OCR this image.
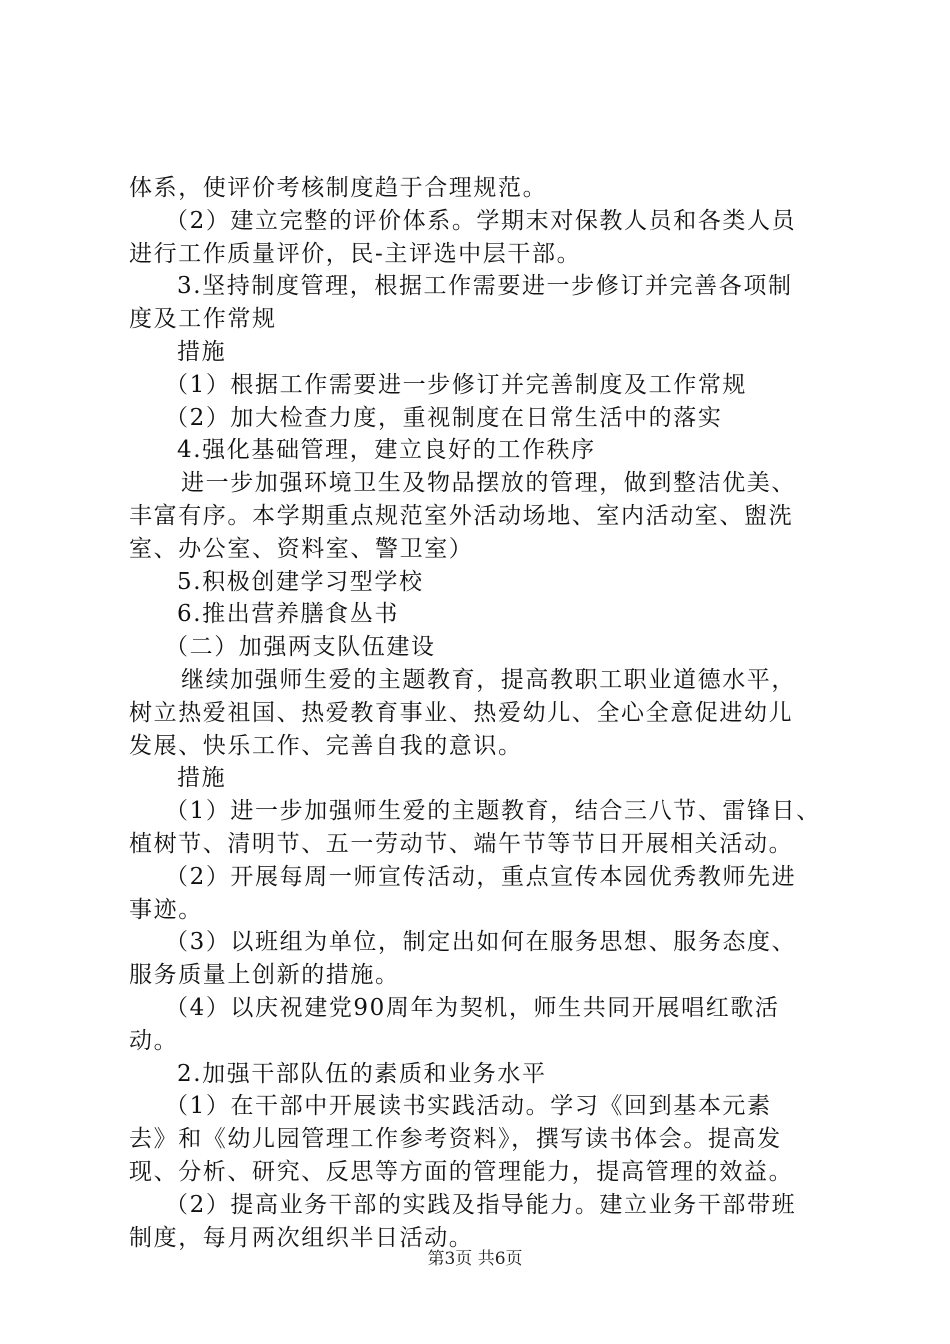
体系，使评价考核制度趋于合理规范。
（2）建立完整的评价体系。学期末对保教人员和各类人员
进行工作质量评价，民-主评选中层干部。
3.坚持制度管理，根据工作需要进一步修订并完善各项制
度及工作常规
措施
（1）根据工作需要进一步修订并完善制度及工作常规
（2）加大检查力度，重视制度在日常生活中的落实
4.强化基础管理，建立良好的工作秩序
进一步加强环境卫生及物品摆放的管理，做到整洁优美、
丰富有序。本学期重点规范室外活动场地、室内活动室、盥洗
室、办公室、资料室、警卫室）
5.积极创建学习型学校
6.推出营养膳食丛书
（二）加强两支队伍建设
继续加强师生爱的主题教育，提高教职工职业道德水平，
树立热爱祖国、热爱教育事业、热爱幼儿、全心全意促进幼儿
发展、快乐工作、完善自我的意识。
措施
（1）进一步加强师生爱的主题教育，结合三八节、雷锋日、
植树节、清明节、五一劳动节、端午节等节日开展相关活动。
（2）开展每周一师宣传活动，重点宣传本园优秀教师先进
事迹。
（3）以班组为单位，制定出如何在服务思想、服务态度、
服务质量上创新的措施。
（4）以庆祝建党90周年为契机，师生共同开展唱红歌活
动。
2.加强干部队伍的素质和业务水平
（1）在干部中开展读书实践活动。学习《回到基本元素
去》和《幼儿园管理工作参考资料》，撰写读书体会。提高发
现、分析、研究、反思等方面的管理能力，提高管理的效益。
（2）提高业务干部的实践及指导能力。建立业务干部带班
制度，每月两次组织半日活动。
第3页 共6页
